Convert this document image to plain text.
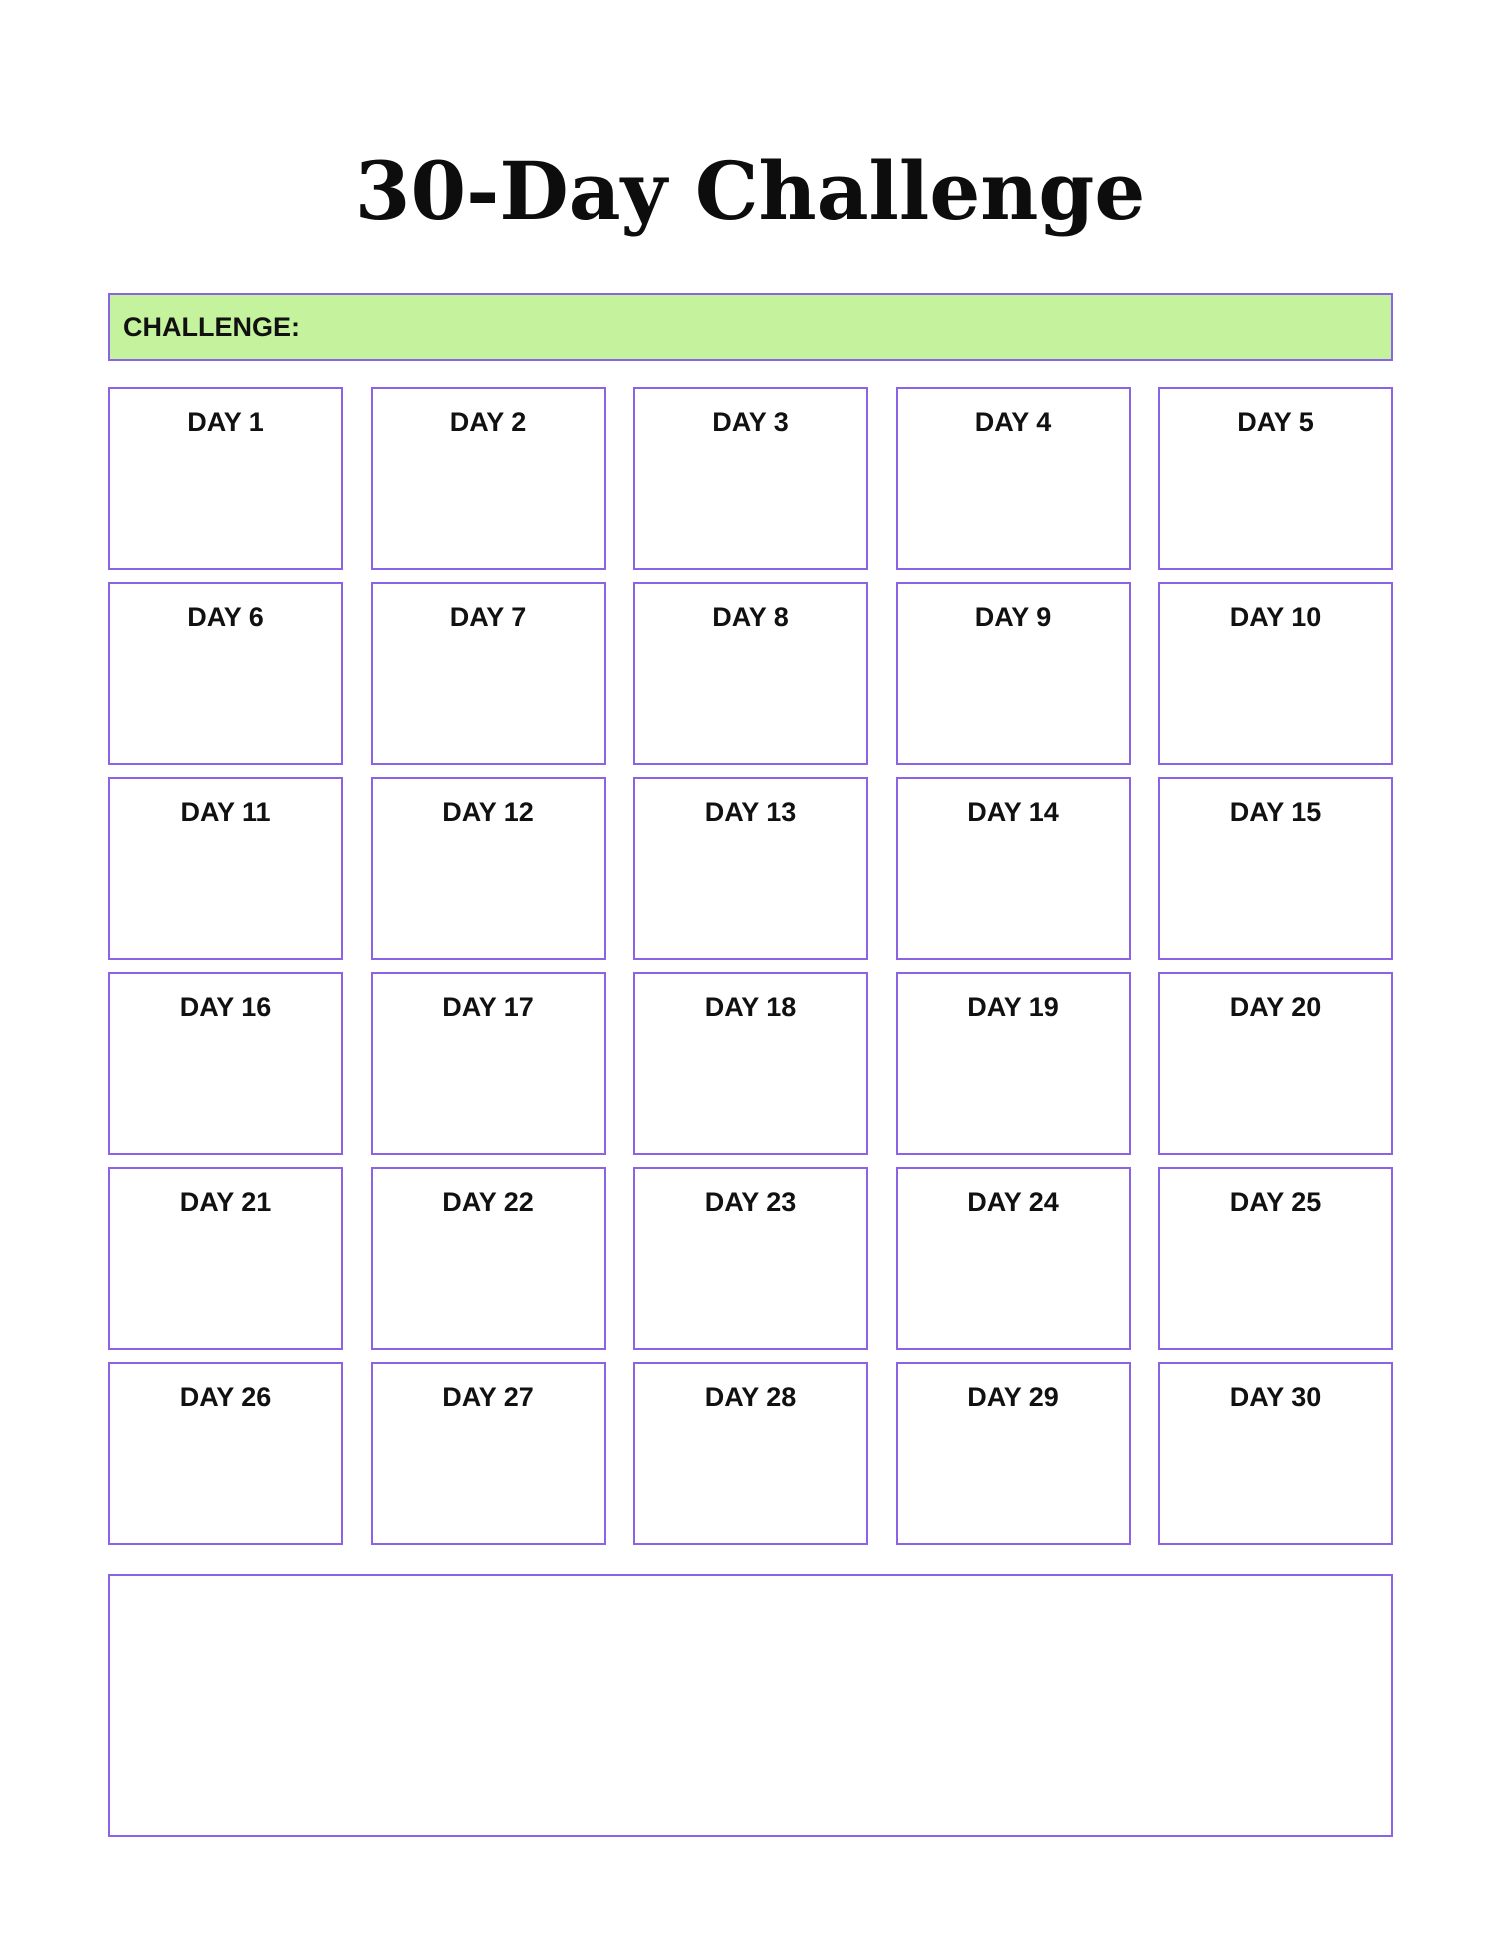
30-Day Challenge
CHALLENGE:
DAY 1	DAY 2	DAY 3	DAY 4	DAY 5
DAY 6	DAY 7	DAY 8	DAY 9	DAY 10
DAY 11	DAY 12	DAY 13	DAY 14	DAY 15
DAY 16	DAY 17	DAY 18	DAY 19	DAY 20
DAY 21	DAY 22	DAY 23	DAY 24	DAY 25
DAY 26	DAY 27	DAY 28	DAY 29	DAY 30
